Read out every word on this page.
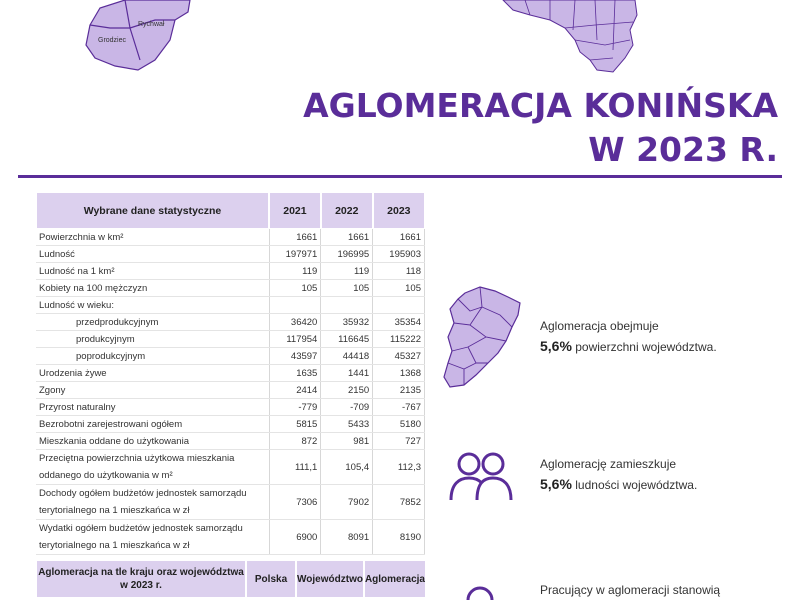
Rychwał
Grodziec
AGLOMERACJA KONIŃSKA
W 2023 R.
Wybrane dane statystyczne	2021	2022	2023
Powierzchnia w km²	1661	1661	1661
Ludność	197971	196995	195903
Ludność na 1 km²	119	119	118
Kobiety na 100 mężczyzn	105	105	105
Ludność w wieku:			
przedprodukcyjnym	36420	35932	35354
produkcyjnym	117954	116645	115222
poprodukcyjnym	43597	44418	45327
Urodzenia żywe	1635	1441	1368
Zgony	2414	2150	2135
Przyrost naturalny	-779	-709	-767
Bezrobotni zarejestrowani ogółem	5815	5433	5180
Mieszkania oddane do użytkowania	872	981	727
Przeciętna powierzchnia użytkowa mieszkania oddanego do użytkowania w m²	111,1	105,4	112,3
Dochody ogółem budżetów jednostek samorządu terytorialnego na 1 mieszkańca w zł	7306	7902	7852
Wydatki ogółem budżetów jednostek samorządu terytorialnego na 1 mieszkańca w zł	6900	8091	8190
Aglomeracja na tle kraju oraz województwa w 2023 r.	Polska	Województwo	Aglomeracja
Aglomeracja obejmuje
5,6% powierzchni województwa.
Aglomerację zamieszkuje
5,6% ludności województwa.
Pracujący w aglomeracji stanowią
